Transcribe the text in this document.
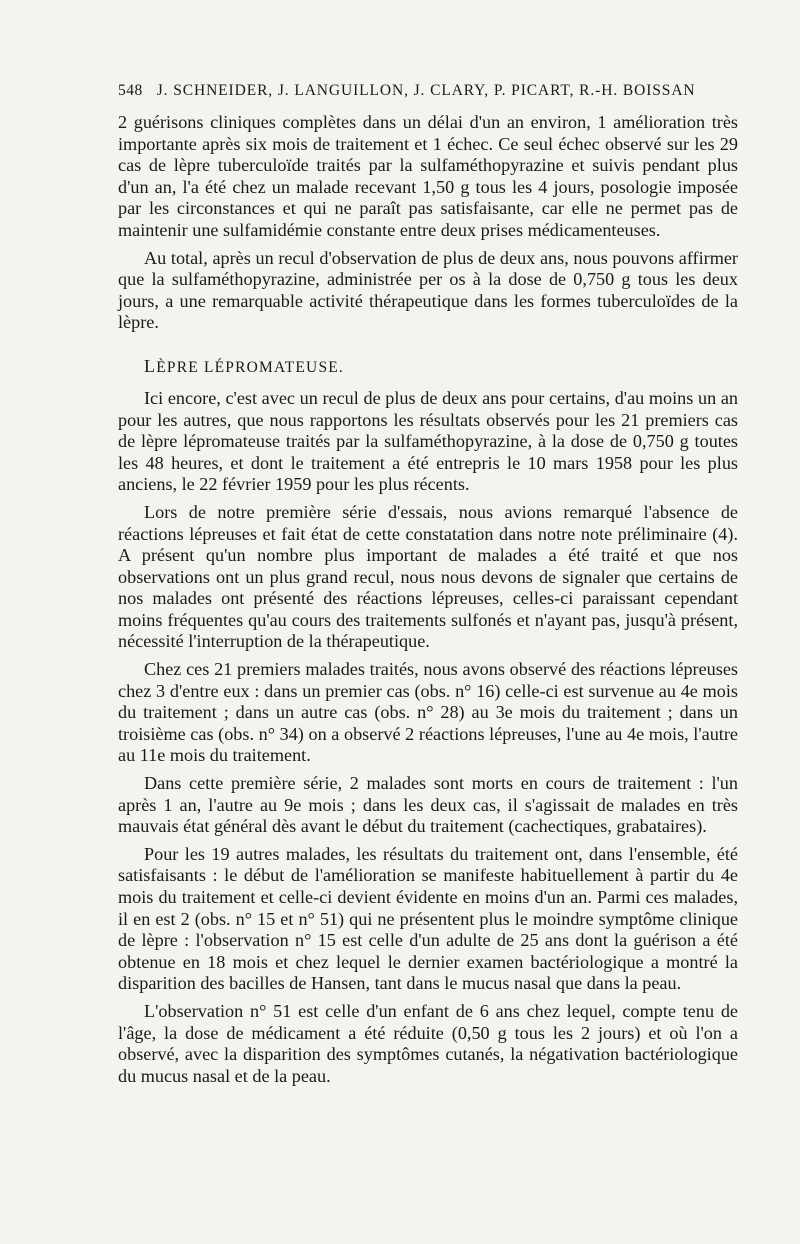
548 J. SCHNEIDER, J. LANGUILLON, J. CLARY, P. PICART, R.-H. BOISSAN

2 guérisons cliniques complètes dans un délai d'un an environ, 1 amélioration très importante après six mois de traitement et 1 échec. Ce seul échec observé sur les 29 cas de lèpre tuberculoïde traités par la sulfaméthopyrazine et suivis pendant plus d'un an, l'a été chez un malade recevant 1,50 g tous les 4 jours, posologie imposée par les circonstances et qui ne paraît pas satisfaisante, car elle ne permet pas de maintenir une sulfamidémie constante entre deux prises médicamenteuses.

Au total, après un recul d'observation de plus de deux ans, nous pouvons affirmer que la sulfaméthopyrazine, administrée per os à la dose de 0,750 g tous les deux jours, a une remarquable activité thérapeutique dans les formes tuberculoïdes de la lèpre.

LÈPRE LÉPROMATEUSE.

Ici encore, c'est avec un recul de plus de deux ans pour certains, d'au moins un an pour les autres, que nous rapportons les résultats observés pour les 21 premiers cas de lèpre lépromateuse traités par la sulfaméthopyrazine, à la dose de 0,750 g toutes les 48 heures, et dont le traitement a été entrepris le 10 mars 1958 pour les plus anciens, le 22 février 1959 pour les plus récents.

Lors de notre première série d'essais, nous avions remarqué l'absence de réactions lépreuses et fait état de cette constatation dans notre note préliminaire (4). A présent qu'un nombre plus important de malades a été traité et que nos observations ont un plus grand recul, nous nous devons de signaler que certains de nos malades ont présenté des réactions lépreuses, celles-ci paraissant cependant moins fréquentes qu'au cours des traitements sulfonés et n'ayant pas, jusqu'à présent, nécessité l'interruption de la thérapeutique.

Chez ces 21 premiers malades traités, nous avons observé des réactions lépreuses chez 3 d'entre eux : dans un premier cas (obs. n° 16) celle-ci est survenue au 4e mois du traitement ; dans un autre cas (obs. n° 28) au 3e mois du traitement ; dans un troisième cas (obs. n° 34) on a observé 2 réactions lépreuses, l'une au 4e mois, l'autre au 11e mois du traitement.

Dans cette première série, 2 malades sont morts en cours de traitement : l'un après 1 an, l'autre au 9e mois ; dans les deux cas, il s'agissait de malades en très mauvais état général dès avant le début du traitement (cachectiques, grabataires).

Pour les 19 autres malades, les résultats du traitement ont, dans l'ensemble, été satisfaisants : le début de l'amélioration se manifeste habituellement à partir du 4e mois du traitement et celle-ci devient évidente en moins d'un an. Parmi ces malades, il en est 2 (obs. n° 15 et n° 51) qui ne présentent plus le moindre symptôme clinique de lèpre : l'observation n° 15 est celle d'un adulte de 25 ans dont la guérison a été obtenue en 18 mois et chez lequel le dernier examen bactériologique a montré la disparition des bacilles de Hansen, tant dans le mucus nasal que dans la peau.

L'observation n° 51 est celle d'un enfant de 6 ans chez lequel, compte tenu de l'âge, la dose de médicament a été réduite (0,50 g tous les 2 jours) et où l'on a observé, avec la disparition des symptômes cutanés, la négativation bactériologique du mucus nasal et de la peau.
